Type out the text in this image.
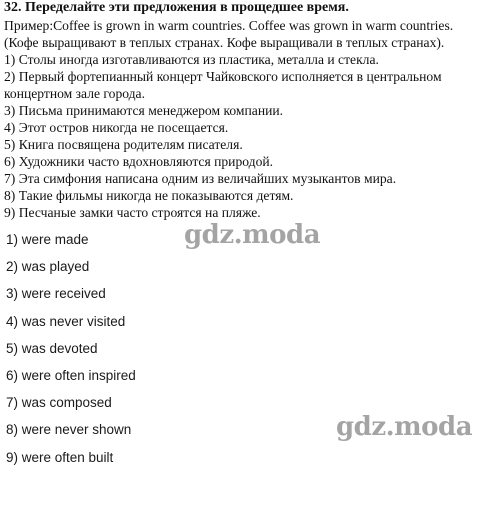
32. Переделайте эти предложения в прощедшее время.
Пример:Coffee is grown in warm countries. Coffee was grown in warm countries.
(Кофе выращивают в теплых странах. Кофе выращивали в теплых странах).
1) Столы иногда изготавливаются из пластика, металла и стекла.
2) Первый фортепианный концерт Чайковского исполняется в центральном
концертном зале города.
3) Письма принимаются менеджером компании.
4) Этот остров никогда не посещается.
5) Книга посвящена родителям писателя.
6) Художники часто вдохновляются природой.
7) Эта симфония написана одним из величайших музыкантов мира.
8) Такие фильмы никогда не показываются детям.
9) Песчаные замки часто строятся на пляже.
1) were made
2) was played
3) were received
4) was never visited
5) was devoted
6) were often inspired
7) was composed
8) were never shown
9) were often built
gdz.moda
gdz.moda
